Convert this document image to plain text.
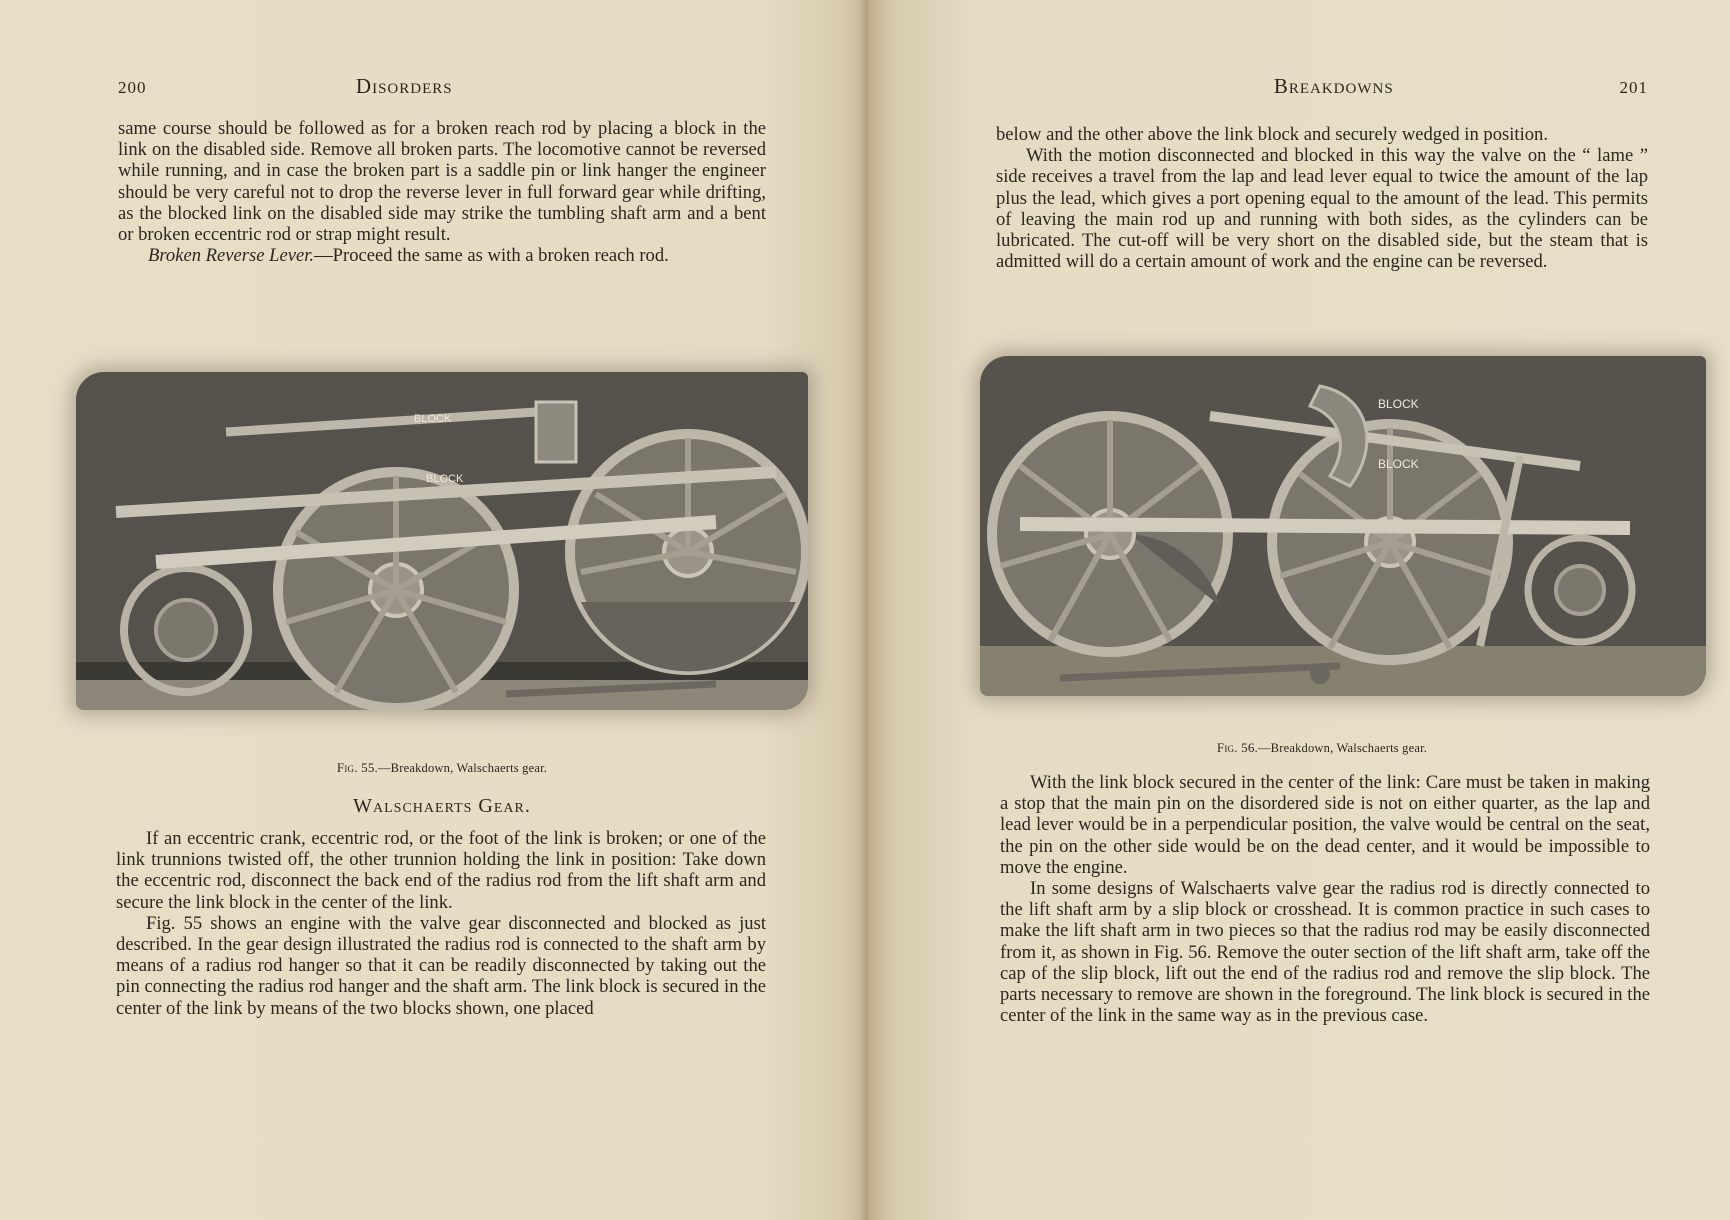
200	Disorders

same course should be followed as for a broken reach rod by placing a block in the link on the disabled side. Remove all broken parts. The locomotive cannot be reversed while running, and in case the broken part is a saddle pin or link hanger the engineer should be very careful not to drop the reverse lever in full forward gear while drifting, as the blocked link on the disabled side may strike the tumbling shaft arm and a bent or broken eccentric rod or strap might result.

Broken Reverse Lever.—Proceed the same as with a broken reach rod.

BLOCK
BLOCK
Fig. 55.—Breakdown, Walschaerts gear.
Walschaerts Gear.

If an eccentric crank, eccentric rod, or the foot of the link is broken; or one of the link trunnions twisted off, the other trunnion holding the link in position: Take down the eccentric rod, disconnect the back end of the radius rod from the lift shaft arm and secure the link block in the center of the link.

Fig. 55 shows an engine with the valve gear disconnected and blocked as just described. In the gear design illustrated the radius rod is connected to the shaft arm by means of a radius rod hanger so that it can be readily disconnected by taking out the pin connecting the radius rod hanger and the shaft arm. The link block is secured in the center of the link by means of the two blocks shown, one placed

Breakdowns	201

below and the other above the link block and securely wedged in position.

With the motion disconnected and blocked in this way the valve on the “ lame ” side receives a travel from the lap and lead lever equal to twice the amount of the lap plus the lead, which gives a port opening equal to the amount of the lead. This permits of leaving the main rod up and running with both sides, as the cylinders can be lubricated. The cut-off will be very short on the disabled side, but the steam that is admitted will do a certain amount of work and the engine can be reversed.

BLOCK
BLOCK
Fig. 56.—Breakdown, Walschaerts gear.

With the link block secured in the center of the link: Care must be taken in making a stop that the main pin on the disordered side is not on either quarter, as the lap and lead lever would be in a perpendicular position, the valve would be central on the seat, the pin on the other side would be on the dead center, and it would be impossible to move the engine.

In some designs of Walschaerts valve gear the radius rod is directly connected to the lift shaft arm by a slip block or crosshead. It is common practice in such cases to make the lift shaft arm in two pieces so that the radius rod may be easily disconnected from it, as shown in Fig. 56. Remove the outer section of the lift shaft arm, take off the cap of the slip block, lift out the end of the radius rod and remove the slip block. The parts necessary to remove are shown in the foreground. The link block is secured in the center of the link in the same way as in the previous case.
